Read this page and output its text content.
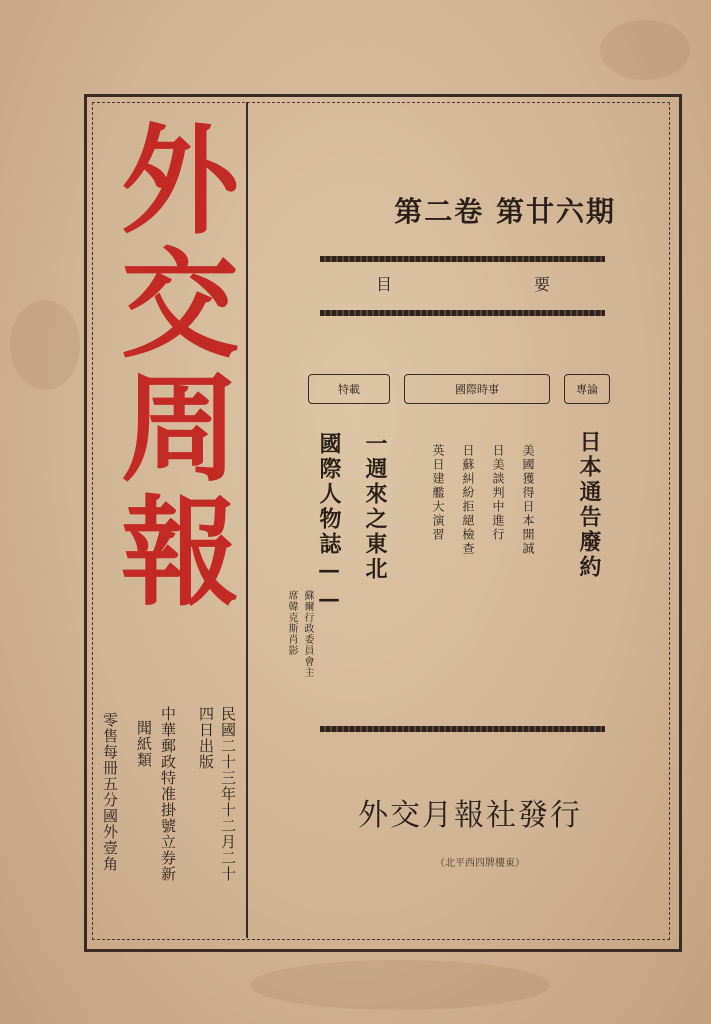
外交周報	第二卷 第廿六期
目	要
特載	國際時事	專論
日本通告廢約
美國獲得日本開誠
日美談判中進行
日蘇糾紛拒絕檢查
英日建艦大演習
一週來之東北
國際人物誌——
蘇爾行政委員會主
席韓克斯肖影
外交月報社發行
（北平西四牌樓東）
民國二十三年十二月二十
四日出版
中華郵政特准掛號立券新
聞紙類
零售每冊五分國外壹角
